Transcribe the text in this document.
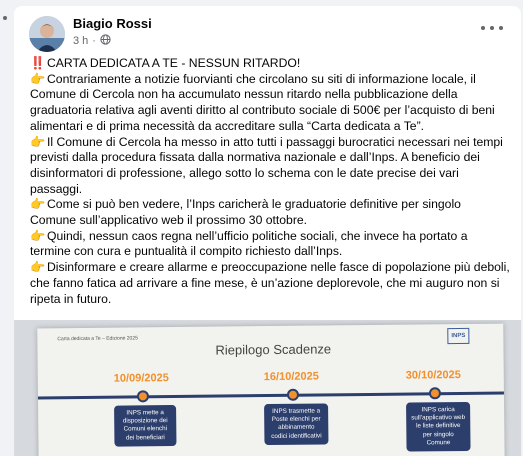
Biagio Rossi
3 h ·

‼️ CARTA DEDICATA A TE - NESSUN RITARDO!

👉 Contrariamente a notizie fuorvianti che circolano su siti di informazione locale, il Comune di Cercola non ha accumulato nessun ritardo nella pubblicazione della graduatoria relativa agli aventi diritto al contributo sociale di 500€ per l’acquisto di beni alimentari e di prima necessità da accreditare sulla “Carta dedicata a Te”.

👉 Il Comune di Cercola ha messo in atto tutti i passaggi burocratici necessari nei tempi previsti dalla procedura fissata dalla normativa nazionale e dall’Inps. A beneficio dei disinformatori di professione, allego sotto lo schema con le date precise dei vari passaggi.

👉 Come si può ben vedere, l’Inps caricherà le graduatorie definitive per singolo Comune sull’applicativo web il prossimo 30 ottobre.

👉 Quindi, nessun caos regna nell’ufficio politiche sociali, che invece ha portato a termine con cura e puntualità il compito richiesto dall’Inps.

👉 Disinformare e creare allarme e preoccupazione nelle fasce di popolazione più deboli, che fanno fatica ad arrivare a fine mese, è un’azione deplorevole, che mi auguro non si ripeta in futuro.

Carta dedicata a Te – Edizione 2025
Riepilogo Scadenze
INPS
10/09/2025	16/10/2025	30/10/2025
INPS mette a disposizione dei Comuni elenchi dei beneficiari
INPS trasmette a Poste elenchi per abbinamento codici identificativi
INPS carica sull’applicativo web le liste definitive per singolo Comune
